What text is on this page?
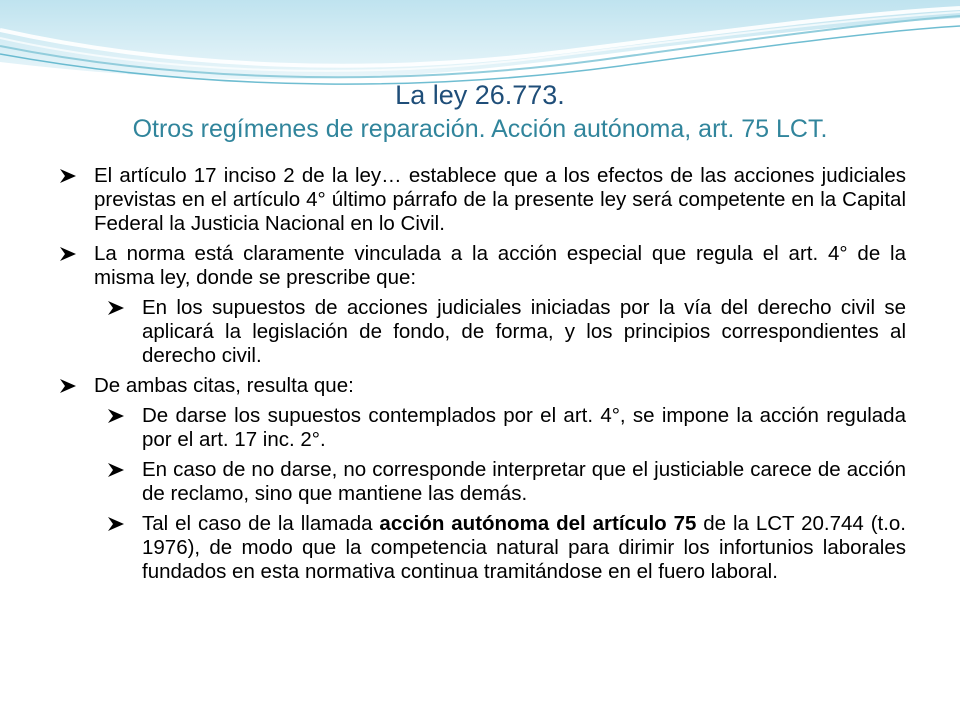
La ley 26.773.
Otros regímenes de reparación. Acción autónoma, art. 75 LCT.
El artículo 17 inciso 2 de la ley… establece que a los efectos de las acciones judiciales previstas en el artículo 4° último párrafo de la presente ley será competente en la Capital Federal la Justicia Nacional en lo Civil.
La norma está claramente vinculada a la acción especial que regula el art. 4° de la misma ley, donde se prescribe que:
En los supuestos de acciones judiciales iniciadas por la vía del derecho civil se aplicará la legislación de fondo, de forma, y los principios correspondientes al derecho civil.
De ambas citas, resulta que:
De darse los supuestos contemplados por el art. 4°, se impone la acción regulada por el art. 17 inc. 2°.
En caso de no darse, no corresponde interpretar que el justiciable carece de acción de reclamo, sino que mantiene las demás.
Tal el caso de la llamada acción autónoma del artículo 75 de la LCT 20.744 (t.o. 1976), de modo que la competencia natural para dirimir los infortunios laborales fundados en esta normativa continua tramitándose en el fuero laboral.
